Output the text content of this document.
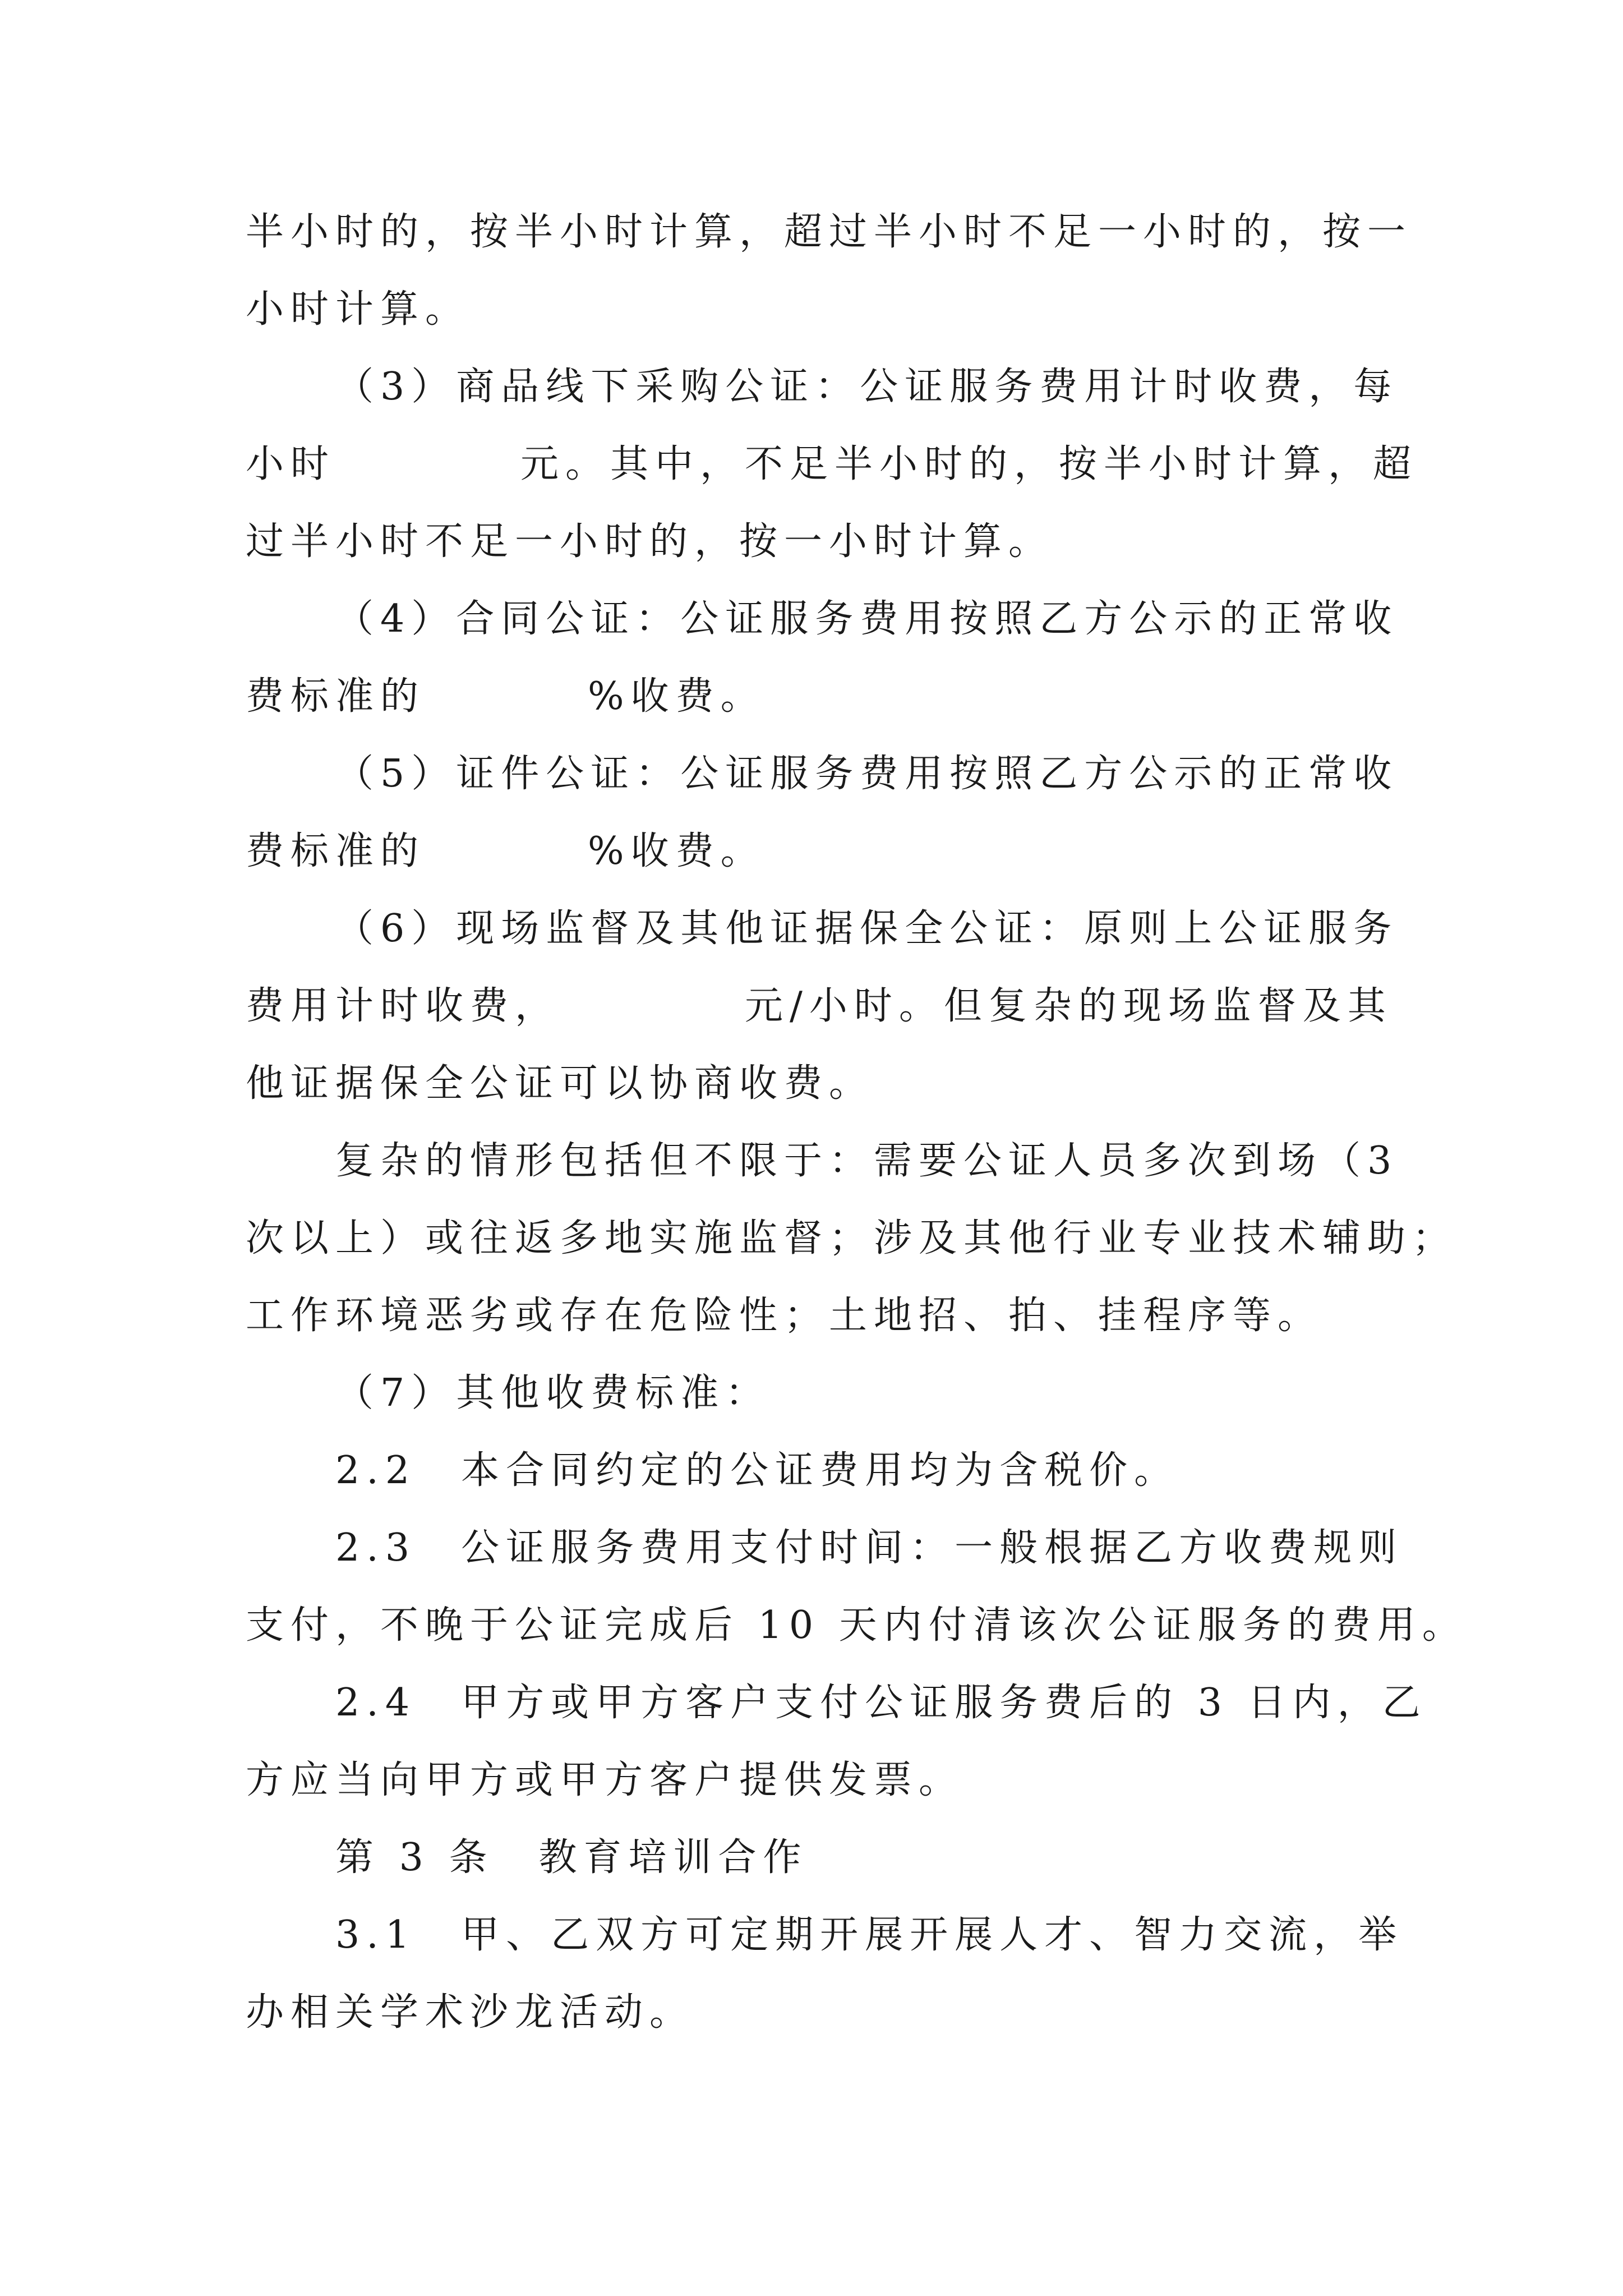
半小时的，按半小时计算，超过半小时不足一小时的，按一
小时计算。
（3）商品线下采购公证：公证服务费用计时收费，每
小时	元。其中，不足半小时的，按半小时计算，超
过半小时不足一小时的，按一小时计算。
（4）合同公证：公证服务费用按照乙方公示的正常收
费标准的	%收费。
（5）证件公证：公证服务费用按照乙方公示的正常收
费标准的	%收费。
（6）现场监督及其他证据保全公证：原则上公证服务
费用计时收费，	元/小时。但复杂的现场监督及其
他证据保全公证可以协商收费。
复杂的情形包括但不限于：需要公证人员多次到场（3
次以上）或往返多地实施监督；涉及其他行业专业技术辅助；
工作环境恶劣或存在危险性；土地招、拍、挂程序等。
（7）其他收费标准：
2.2　本合同约定的公证费用均为含税价。
2.3　公证服务费用支付时间：一般根据乙方收费规则
支付，不晚于公证完成后 10 天内付清该次公证服务的费用。
2.4　甲方或甲方客户支付公证服务费后的 3 日内，乙
方应当向甲方或甲方客户提供发票。
第 3 条　教育培训合作
3.1　甲、乙双方可定期开展开展人才、智力交流，举
办相关学术沙龙活动。
